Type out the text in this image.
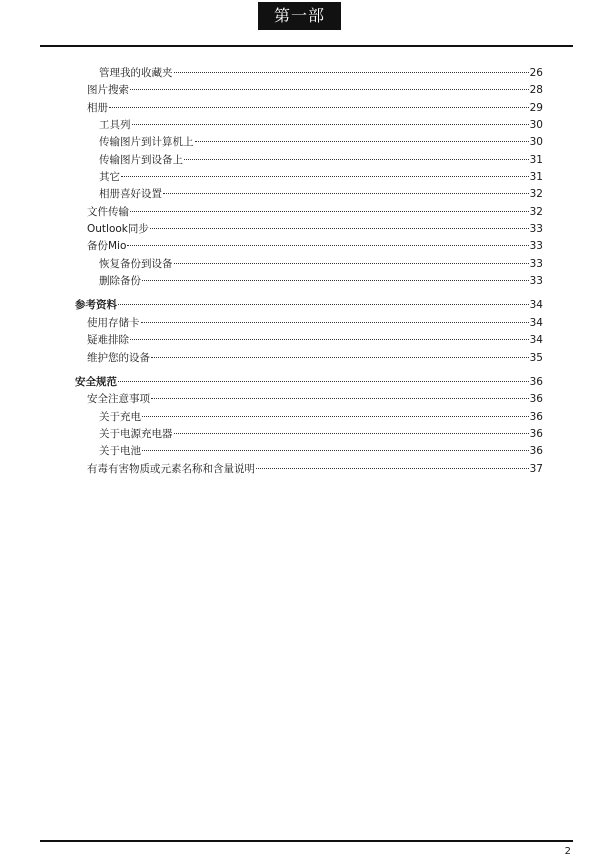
第一部
管理我的收藏夹	26
图片搜索	28
相册	29
工具列	30
传输图片到计算机上	30
传输图片到设备上	31
其它	31
相册喜好设置	32
文件传输	32
Outlook同步	33
备份Mio	33
恢复备份到设备	33
删除备份	33
参考资料	34
使用存储卡	34
疑难排除	34
维护您的设备	35
安全规范	36
安全注意事项	36
关于充电	36
关于电源充电器	36
关于电池	36
有毒有害物质或元素名称和含量说明	37
2
